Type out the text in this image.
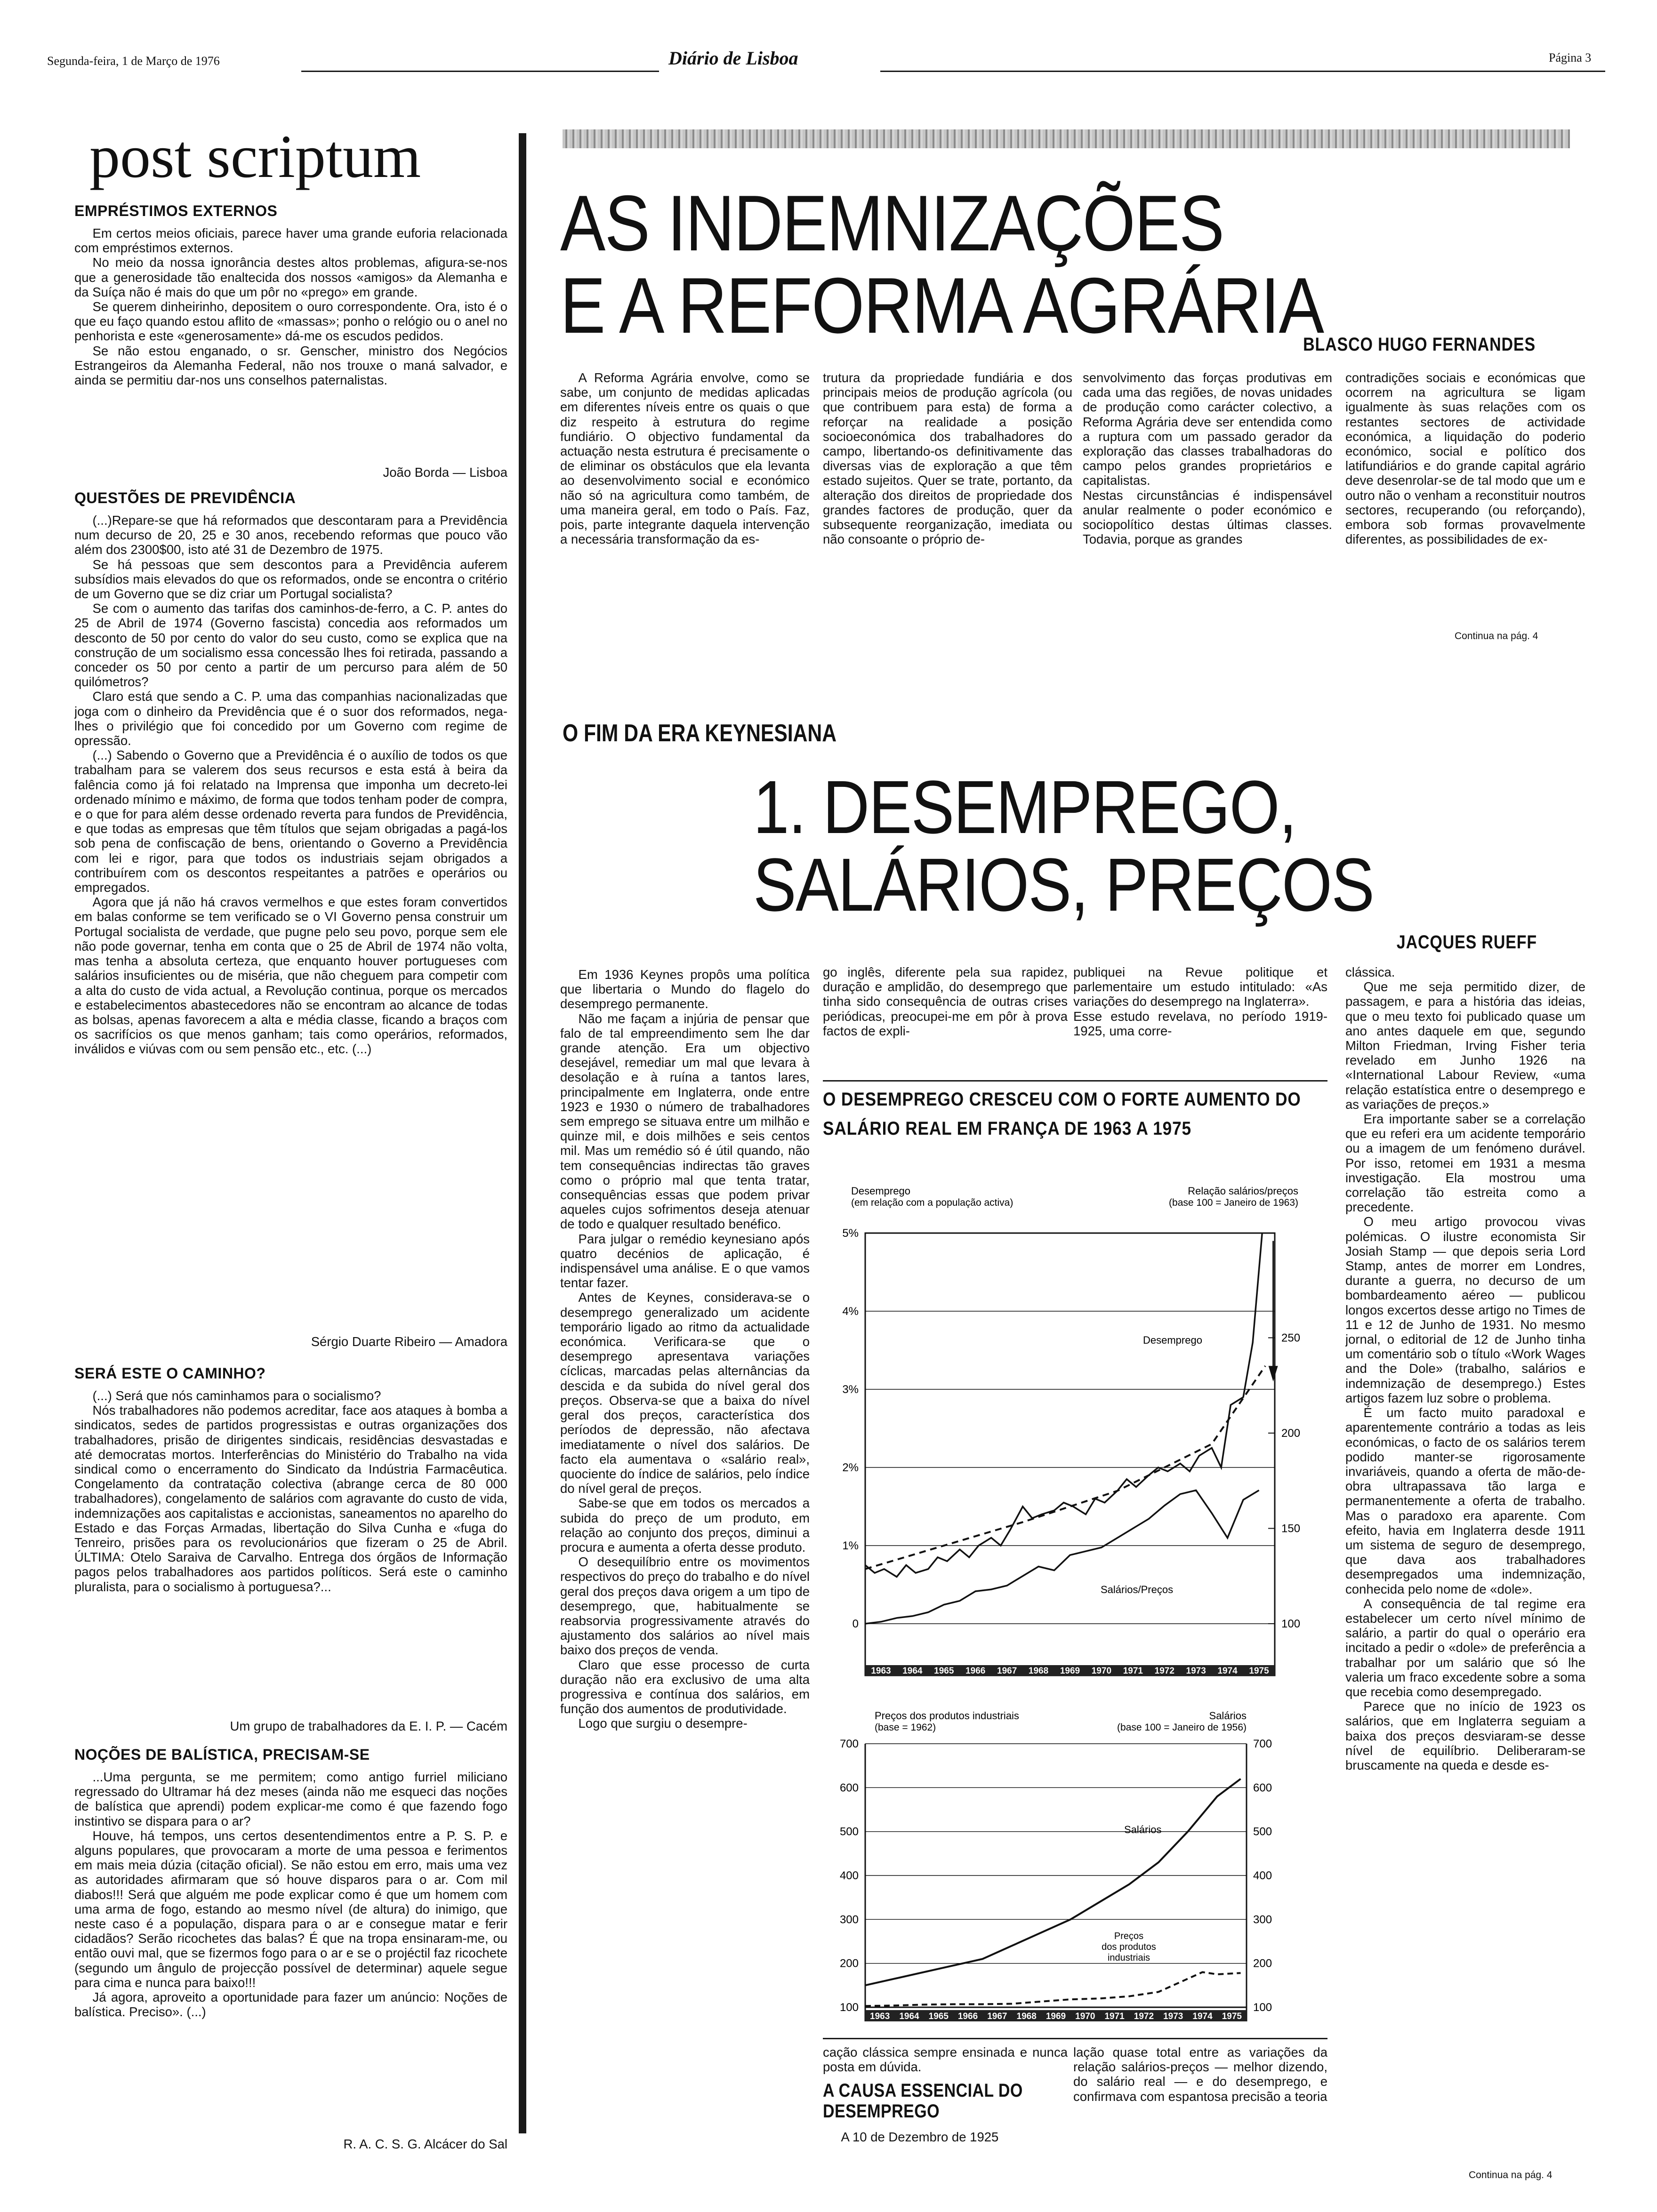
Segunda-feira, 1 de Março de 1976	Diário de Lisboa	Página 3
post scriptum
EMPRÉSTIMOS EXTERNOS

Em certos meios oficiais, parece haver uma grande euforia relacionada com empréstimos externos.

No meio da nossa ignorância destes altos problemas, afigura-se-nos que a generosidade tão enaltecida dos nossos «amigos» da Alemanha e da Suíça não é mais do que um pôr no «prego» em grande.

Se querem dinheirinho, depositem o ouro correspondente. Ora, isto é o que eu faço quando estou aflito de «massas»; ponho o relógio ou o anel no penhorista e este «generosamente» dá-me os escudos pedidos.

Se não estou enganado, o sr. Genscher, ministro dos Negócios Estrangeiros da Alemanha Federal, não nos trouxe o maná salvador, e ainda se permitiu dar-nos uns conselhos paternalistas.

João Borda — Lisboa
QUESTÕES DE PREVIDÊNCIA

(...)Repare-se que há reformados que descontaram para a Previdência num decurso de 20, 25 e 30 anos, recebendo reformas que pouco vão além dos 2300$00, isto até 31 de Dezembro de 1975.

Se há pessoas que sem descontos para a Previdência auferem subsídios mais elevados do que os reformados, onde se encontra o critério de um Governo que se diz criar um Portugal socialista?

Se com o aumento das tarifas dos caminhos-de-ferro, a C. P. antes do 25 de Abril de 1974 (Governo fascista) concedia aos reformados um desconto de 50 por cento do valor do seu custo, como se explica que na construção de um socialismo essa concessão lhes foi retirada, passando a conceder os 50 por cento a partir de um percurso para além de 50 quilómetros?

Claro está que sendo a C. P. uma das companhias nacionalizadas que joga com o dinheiro da Previdência que é o suor dos reformados, nega-lhes o privilégio que foi concedido por um Governo com regime de opressão.

(...) Sabendo o Governo que a Previdência é o auxílio de todos os que trabalham para se valerem dos seus recursos e esta está à beira da falência como já foi relatado na Imprensa que imponha um decreto-lei ordenado mínimo e máximo, de forma que todos tenham poder de compra, e o que for para além desse ordenado reverta para fundos de Previdência, e que todas as empresas que têm títulos que sejam obrigadas a pagá-los sob pena de confiscação de bens, orientando o Governo a Previdência com lei e rigor, para que todos os industriais sejam obrigados a contribuírem com os descontos respeitantes a patrões e operários ou empregados.

Agora que já não há cravos vermelhos e que estes foram convertidos em balas conforme se tem verificado se o VI Governo pensa construir um Portugal socialista de verdade, que pugne pelo seu povo, porque sem ele não pode governar, tenha em conta que o 25 de Abril de 1974 não volta, mas tenha a absoluta certeza, que enquanto houver portugueses com salários insuficientes ou de miséria, que não cheguem para competir com a alta do custo de vida actual, a Revolução continua, porque os mercados e estabelecimentos abastecedores não se encontram ao alcance de todas as bolsas, apenas favorecem a alta e média classe, ficando a braços com os sacrifícios os que menos ganham; tais como operários, reformados, inválidos e viúvas com ou sem pensão etc., etc. (...)

Sérgio Duarte Ribeiro — Amadora
SERÁ ESTE O CAMINHO?

(...) Será que nós caminhamos para o socialismo?

Nós trabalhadores não podemos acreditar, face aos ataques à bomba a sindicatos, sedes de partidos progressistas e outras organizações dos trabalhadores, prisão de dirigentes sindicais, residências desvastadas e até democratas mortos. Interferências do Ministério do Trabalho na vida sindical como o encerramento do Sindicato da Indústria Farmacêutica. Congelamento da contratação colectiva (abrange cerca de 80 000 trabalhadores), congelamento de salários com agravante do custo de vida, indemnizações aos capitalistas e accionistas, saneamentos no aparelho do Estado e das Forças Armadas, libertação do Silva Cunha e «fuga do Tenreiro, prisões para os revolucionários que fizeram o 25 de Abril. ÚLTIMA: Otelo Saraiva de Carvalho. Entrega dos órgãos de Informação pagos pelos trabalhadores aos partidos políticos. Será este o caminho pluralista, para o socialismo à portuguesa?...

Um grupo de trabalhadores da E. I. P. — Cacém
NOÇÕES DE BALÍSTICA, PRECISAM-SE

...Uma pergunta, se me permitem; como antigo furriel miliciano regressado do Ultramar há dez meses (ainda não me esqueci das noções de balística que aprendi) podem explicar-me como é que fazendo fogo instintivo se dispara para o ar?

Houve, há tempos, uns certos desentendimentos entre a P. S. P. e alguns populares, que provocaram a morte de uma pessoa e ferimentos em mais meia dúzia (citação oficial). Se não estou em erro, mais uma vez as autoridades afirmaram que só houve disparos para o ar. Com mil diabos!!! Será que alguém me pode explicar como é que um homem com uma arma de fogo, estando ao mesmo nível (de altura) do inimigo, que neste caso é a população, dispara para o ar e consegue matar e ferir cidadãos? Serão ricochetes das balas? É que na tropa ensinaram-me, ou então ouvi mal, que se fizermos fogo para o ar e se o projéctil faz ricochete (segundo um ângulo de projecção possível de determinar) aquele segue para cima e nunca para baixo!!!

Já agora, aproveito a oportunidade para fazer um anúncio: Noções de balística. Preciso». (...)

R. A. C. S. G. Alcácer do Sal
AS INDEMNIZAÇÕES
E A REFORMA AGRÁRIA
BLASCO HUGO FERNANDES

A Reforma Agrária envolve, como se sabe, um conjunto de medidas aplicadas em diferentes níveis entre os quais o que diz respeito à estrutura do regime fundiário. O objectivo fundamental da actuação nesta estrutura é precisamente o de eliminar os obstáculos que ela levanta ao desenvolvimento social e económico não só na agricultura como também, de uma maneira geral, em todo o País. Faz, pois, parte integrante daquela intervenção a necessária transformação da es-

trutura da propriedade fundiária e dos principais meios de produção agrícola (ou que contribuem para esta) de forma a reforçar na realidade a posição socioeconómica dos trabalhadores do campo, libertando-os definitivamente das diversas vias de exploração a que têm estado sujeitos. Quer se trate, portanto, da alteração dos direitos de propriedade dos grandes factores de produção, quer da subsequente reorganização, imediata ou não consoante o próprio de-

senvolvimento das forças produtivas em cada uma das regiões, de novas unidades de produção como carácter colectivo, a Reforma Agrária deve ser entendida como a ruptura com um passado gerador da exploração das classes trabalhadoras do campo pelos grandes proprietários e capitalistas.
Nestas circunstâncias é indispensável anular realmente o poder económico e sociopolítico destas últimas classes. Todavia, porque as grandes

contradições sociais e económicas que ocorrem na agricultura se ligam igualmente às suas relações com os restantes sectores de actividade económica, a liquidação do poderio económico, social e político dos latifundiários e do grande capital agrário deve desenrolar-se de tal modo que um e outro não o venham a reconstituir noutros sectores, recuperando (ou reforçando), embora sob formas provavelmente diferentes, as possibilidades de ex-

Continua na pág. 4
O FIM DA ERA KEYNESIANA
1. DESEMPREGO,
SALÁRIOS, PREÇOS
JACQUES RUEFF

Em 1936 Keynes propôs uma política que libertaria o Mundo do flagelo do desemprego permanente.

Não me façam a injúria de pensar que falo de tal empreendimento sem lhe dar grande atenção. Era um objectivo desejável, remediar um mal que levara à desolação e à ruína a tantos lares, principalmente em Inglaterra, onde entre 1923 e 1930 o número de trabalhadores sem emprego se situava entre um milhão e quinze mil, e dois milhões e seis centos mil. Mas um remédio só é útil quando, não tem consequências indirectas tão graves como o próprio mal que tenta tratar, consequências essas que podem privar aqueles cujos sofrimentos deseja atenuar de todo e qualquer resultado benéfico.

Para julgar o remédio keynesiano após quatro decénios de aplicação, é indispensável uma análise. E o que vamos tentar fazer.

Antes de Keynes, considerava-se o desemprego generalizado um acidente temporário ligado ao ritmo da actualidade económica. Verificara-se que o desemprego apresentava variações cíclicas, marcadas pelas alternâncias da descida e da subida do nível geral dos preços. Observa-se que a baixa do nível geral dos preços, característica dos períodos de depressão, não afectava imediatamente o nível dos salários. De facto ela aumentava o «salário real», quociente do índice de salários, pelo índice do nível geral de preços.

Sabe-se que em todos os mercados a subida do preço de um produto, em relação ao conjunto dos preços, diminui a procura e aumenta a oferta desse produto.

O desequilíbrio entre os movimentos respectivos do preço do trabalho e do nível geral dos preços dava origem a um tipo de desemprego, que, habitualmente se reabsorvia progressivamente através do ajustamento dos salários ao nível mais baixo dos preços de venda.

Claro que esse processo de curta duração não era exclusivo de uma alta progressiva e contínua dos salários, em função dos aumentos de produtividade.

Logo que surgiu o desempre-

go inglês, diferente pela sua rapidez, duração e amplidão, do desemprego que tinha sido consequência de outras crises periódicas, preocupei-me em pôr à prova factos de expli-

publiquei na Revue politique et parlementaire um estudo intitulado: «As variações do desemprego na Inglaterra».
Esse estudo revelava, no período 1919-1925, uma corre-

O DESEMPREGO CRESCEU COM O FORTE AUMENTO DO SALÁRIO REAL EM FRANÇA DE 1963 A 1975
Desemprego
(em relação com a população activa)
Relação salários/preços
(base 100 = Janeiro de 1963)
0
1%
2%
3%
4%
5%
100
150
200
250
1963 1964 1965 1966 1967 1968 1969 1970 1971 1972 1973 1974 1975
Desemprego
Salários/Preços
Preços dos produtos industriais
(base = 1962)
Salários
(base 100 = Janeiro de 1956)
100	100
200	200
300	300
400	400
500	500
600	600
700	700
1963 1964 1965 1966 1967 1968 1969 1970 1971 1972 1973 1974 1975
Salários
Preços
dos produtos
industriais

cação clássica sempre ensinada e nunca posta em dúvida.

A CAUSA ESSENCIAL DO DESEMPREGO

A 10 de Dezembro de 1925

lação quase total entre as variações da relação salários-preços — melhor dizendo, do salário real — e do desemprego, e confirmava com espantosa precisão a teoria

clássica.

Que me seja permitido dizer, de passagem, e para a história das ideias, que o meu texto foi publicado quase um ano antes daquele em que, segundo Milton Friedman, Irving Fisher teria revelado em Junho 1926 na «International Labour Review, «uma relação estatística entre o desemprego e as variações de preços.»

Era importante saber se a correlação que eu referi era um acidente temporário ou a imagem de um fenómeno durável. Por isso, retomei em 1931 a mesma investigação. Ela mostrou uma correlação tão estreita como a precedente.

O meu artigo provocou vivas polémicas. O ilustre economista Sir Josiah Stamp — que depois seria Lord Stamp, antes de morrer em Londres, durante a guerra, no decurso de um bombardeamento aéreo — publicou longos excertos desse artigo no Times de 11 e 12 de Junho de 1931. No mesmo jornal, o editorial de 12 de Junho tinha um comentário sob o título «Work Wages and the Dole» (trabalho, salários e indemnização de desemprego.) Estes artigos fazem luz sobre o problema.

É um facto muito paradoxal e aparentemente contrário a todas as leis económicas, o facto de os salários terem podido manter-se rigorosamente invariáveis, quando a oferta de mão-de-obra ultrapassava tão larga e permanentemente a oferta de trabalho. Mas o paradoxo era aparente. Com efeito, havia em Inglaterra desde 1911 um sistema de seguro de desemprego, que dava aos trabalhadores desempregados uma indemnização, conhecida pelo nome de «dole».

A consequência de tal regime era estabelecer um certo nível mínimo de salário, a partir do qual o operário era incitado a pedir o «dole» de preferência a trabalhar por um salário que só lhe valeria um fraco excedente sobre a soma que recebia como desempregado.

Parece que no início de 1923 os salários, que em Inglaterra seguiam a baixa dos preços desviaram-se desse nível de equilíbrio. Deliberaram-se bruscamente na queda e desde es-

Continua na pág. 4
